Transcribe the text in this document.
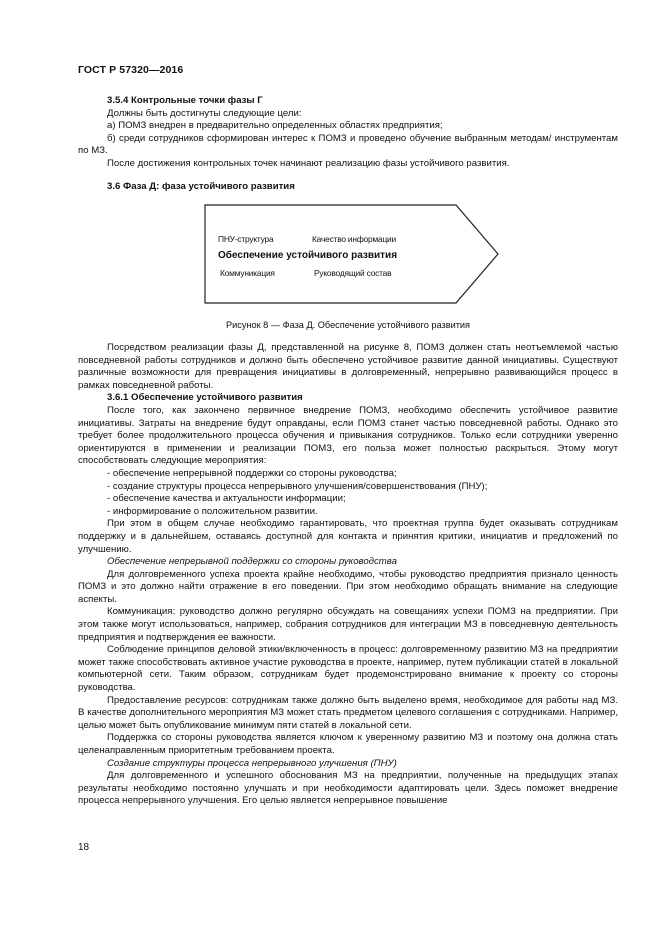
ГОСТ Р 57320—2016

3.5.4 Контрольные точки фазы Г

Должны быть достигнуты следующие цели:

а) ПОМЗ внедрен в предварительно определенных областях предприятия;

б) среди сотрудников сформирован интерес к ПОМЗ и проведено обучение выбранным методам/ инструментам по МЗ.

После достижения контрольных точек начинают реализацию фазы устойчивого развития.

3.6 Фаза Д: фаза устойчивого развития

ПНУ-структура	Качество информации
Обеспечение устойчивого развития
Коммуникация	Руководящий состав
Рисунок 8 — Фаза Д. Обеспечение устойчивого развития

Посредством реализации фазы Д, представленной на рисунке 8, ПОМЗ должен стать неотъемлемой частью повседневной работы сотрудников и должно быть обеспечено устойчивое развитие данной инициативы. Существуют различные возможности для превращения инициативы в долговременный, непрерывно развивающийся процесс в рамках повседневной работы.

3.6.1 Обеспечение устойчивого развития

После того, как закончено первичное внедрение ПОМЗ, необходимо обеспечить устойчивое развитие инициативы. Затраты на внедрение будут оправданы, если ПОМЗ станет частью повседневной работы. Однако это требует более продолжительного процесса обучения и привыкания сотрудников. Только если сотрудники уверенно ориентируются в применении и реализации ПОМЗ, его польза может полностью раскрыться. Этому могут способствовать следующие мероприятия:

- обеспечение непрерывной поддержки со стороны руководства;

- создание структуры процесса непрерывного улучшения/совершенствования (ПНУ);

- обеспечение качества и актуальности информации;

- информирование о положительном развитии.

При этом в общем случае необходимо гарантировать, что проектная группа будет оказывать сотрудникам поддержку и в дальнейшем, оставаясь доступной для контакта и принятия критики, инициатив и предложений по улучшению.

Обеспечение непрерывной поддержки со стороны руководства

Для долговременного успеха проекта крайне необходимо, чтобы руководство предприятия признало ценность ПОМЗ и это должно найти отражение в его поведении. При этом необходимо обращать внимание на следующие аспекты.

Коммуникация: руководство должно регулярно обсуждать на совещаниях успехи ПОМЗ на предприятии. При этом также могут использоваться, например, собрания сотрудников для интеграции МЗ в повседневную деятельность предприятия и подтверждения ее важности.

Соблюдение принципов деловой этики/включенность в процесс: долговременному развитию МЗ на предприятии может также способствовать активное участие руководства в проекте, например, путем публикации статей в локальной компьютерной сети. Таким образом, сотрудникам будет продемонстрировано внимание к проекту со стороны руководства.

Предоставление ресурсов: сотрудникам также должно быть выделено время, необходимое для работы над МЗ. В качестве дополнительного мероприятия МЗ может стать предметом целевого соглашения с сотрудниками. Например, целью может быть опубликование минимум пяти статей в локальной сети.

Поддержка со стороны руководства является ключом к уверенному развитию МЗ и поэтому она должна стать целенаправленным приоритетным требованием проекта.

Создание структуры процесса непрерывного улучшения (ПНУ)

Для долговременного и успешного обоснования МЗ на предприятии, полученные на предыдущих этапах результаты необходимо постоянно улучшать и при необходимости адаптировать цели. Здесь поможет внедрение процесса непрерывного улучшения. Его целью является непрерывное повышение

18
